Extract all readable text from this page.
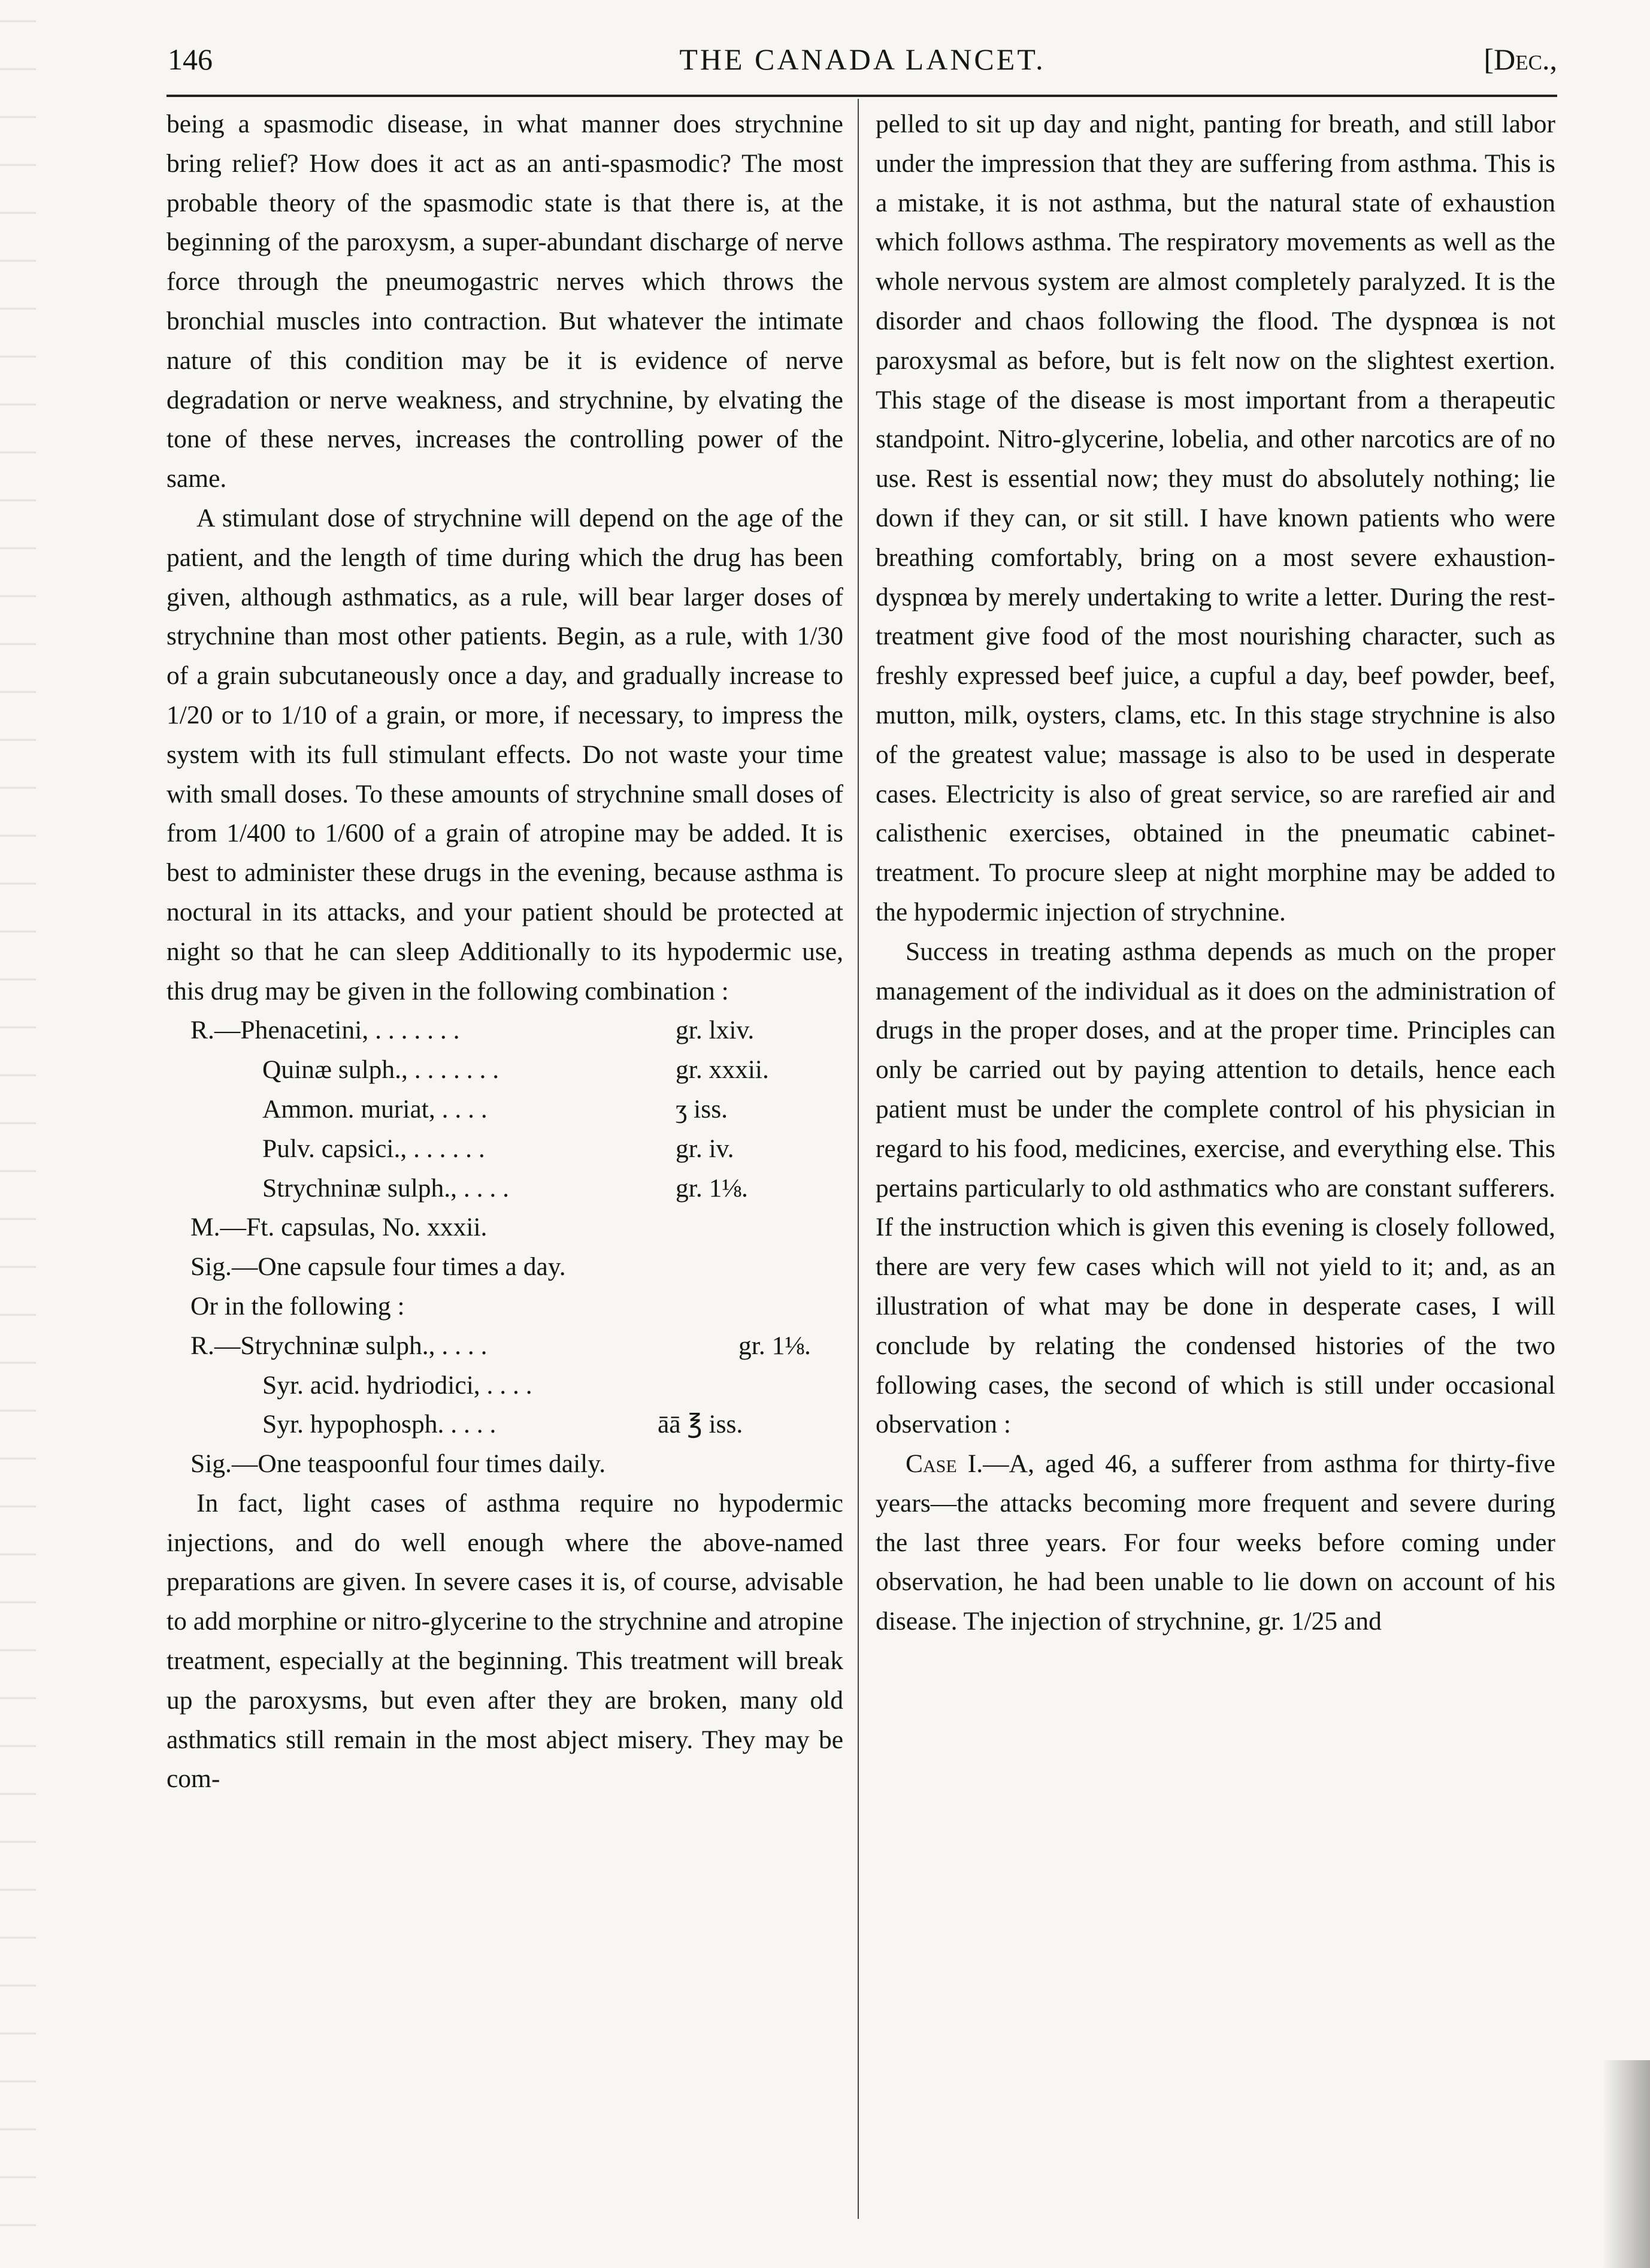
146	THE CANADA LANCET.	[Dec.,

being a spasmodic disease, in what manner does strychnine bring relief? How does it act as an anti-spasmodic? The most probable theory of the spasmodic state is that there is, at the beginning of the paroxysm, a super-abundant discharge of nerve force through the pneumogastric nerves which throws the bronchial muscles into contraction. But whatever the intimate nature of this condition may be it is evidence of nerve degradation or nerve weakness, and strychnine, by elvating the tone of these nerves, increases the controlling power of the same.

A stimulant dose of strychnine will depend on the age of the patient, and the length of time during which the drug has been given, although asthmatics, as a rule, will bear larger doses of strychnine than most other patients. Begin, as a rule, with 1/30 of a grain subcutaneously once a day, and gradually increase to 1/20 or to 1/10 of a grain, or more, if necessary, to impress the system with its full stimulant effects. Do not waste your time with small doses. To these amounts of strychnine small doses of from 1/400 to 1/600 of a grain of atropine may be added. It is best to administer these drugs in the evening, because asthma is noctural in its attacks, and your patient should be protected at night so that he can sleep Additionally to its hypodermic use, this drug may be given in the following combination :

R.—Phenacetini, . . . . . . .	gr. lxiv.
Quinæ sulph., . . . . . . .	gr. xxxii.
Ammon. muriat, . . . .	ʒ iss.
Pulv. capsici., . . . . . .	gr. iv.
Strychninæ sulph., . . . .	gr. 1⅛.
M.—Ft. capsulas, No. xxxii.
Sig.—One capsule four times a day.
Or in the following :
R.—Strychninæ sulph., . . . .	gr. 1⅛.
Syr. acid. hydriodici, . . . .
Syr. hypophosph. . . . .	āā ℥ iss.
Sig.—One teaspoonful four times daily.

In fact, light cases of asthma require no hypodermic injections, and do well enough where the above-named preparations are given. In severe cases it is, of course, advisable to add morphine or nitro-glycerine to the strychnine and atropine treatment, especially at the beginning. This treatment will break up the paroxysms, but even after they are broken, many old asthmatics still remain in the most abject misery. They may be com-

pelled to sit up day and night, panting for breath, and still labor under the impression that they are suffering from asthma. This is a mistake, it is not asthma, but the natural state of exhaustion which follows asthma. The respiratory movements as well as the whole nervous system are almost completely paralyzed. It is the disorder and chaos following the flood. The dyspnœa is not paroxysmal as before, but is felt now on the slightest exertion. This stage of the disease is most important from a therapeutic standpoint. Nitro-glycerine, lobelia, and other narcotics are of no use. Rest is essential now; they must do absolutely nothing; lie down if they can, or sit still. I have known patients who were breathing comfortably, bring on a most severe exhaustion-dyspnœa by merely undertaking to write a letter. During the rest-treatment give food of the most nourishing character, such as freshly expressed beef juice, a cupful a day, beef powder, beef, mutton, milk, oysters, clams, etc. In this stage strychnine is also of the greatest value; massage is also to be used in desperate cases. Electricity is also of great service, so are rarefied air and calisthenic exercises, obtained in the pneumatic cabinet-treatment. To procure sleep at night morphine may be added to the hypodermic injection of strychnine.

Success in treating asthma depends as much on the proper management of the individual as it does on the administration of drugs in the proper doses, and at the proper time. Principles can only be carried out by paying attention to details, hence each patient must be under the complete control of his physician in regard to his food, medicines, exercise, and everything else. This pertains particularly to old asthmatics who are constant sufferers. If the instruction which is given this evening is closely followed, there are very few cases which will not yield to it; and, as an illustration of what may be done in desperate cases, I will conclude by relating the condensed histories of the two following cases, the second of which is still under occasional observation :

Case I.—A, aged 46, a sufferer from asthma for thirty-five years—the attacks becoming more frequent and severe during the last three years. For four weeks before coming under observation, he had been unable to lie down on account of his disease. The injection of strychnine, gr. 1/25 and
